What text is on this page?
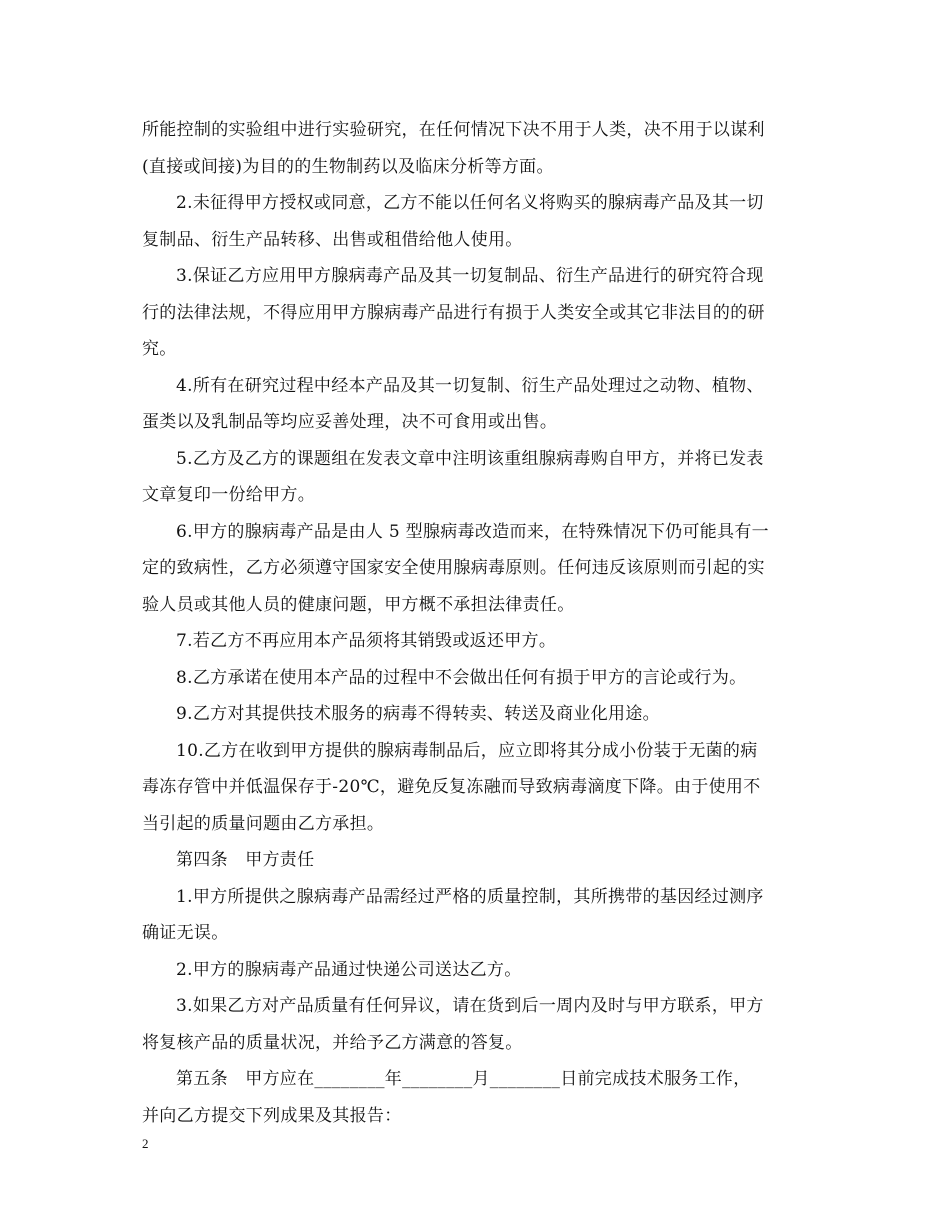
所能控制的实验组中进行实验研究，在任何情况下决不用于人类，决不用于以谋利
(直接或间接)为目的的生物制药以及临床分析等方面。
2.未征得甲方授权或同意，乙方不能以任何名义将购买的腺病毒产品及其一切
复制品、衍生产品转移、出售或租借给他人使用。
3.保证乙方应用甲方腺病毒产品及其一切复制品、衍生产品进行的研究符合现
行的法律法规，不得应用甲方腺病毒产品进行有损于人类安全或其它非法目的的研
究。
4.所有在研究过程中经本产品及其一切复制、衍生产品处理过之动物、植物、
蛋类以及乳制品等均应妥善处理，决不可食用或出售。
5.乙方及乙方的课题组在发表文章中注明该重组腺病毒购自甲方，并将已发表
文章复印一份给甲方。
6.甲方的腺病毒产品是由人 5 型腺病毒改造而来，在特殊情况下仍可能具有一
定的致病性，乙方必须遵守国家安全使用腺病毒原则。任何违反该原则而引起的实
验人员或其他人员的健康问题，甲方概不承担法律责任。
7.若乙方不再应用本产品须将其销毁或返还甲方。
8.乙方承诺在使用本产品的过程中不会做出任何有损于甲方的言论或行为。
9.乙方对其提供技术服务的病毒不得转卖、转送及商业化用途。
10.乙方在收到甲方提供的腺病毒制品后，应立即将其分成小份装于无菌的病
毒冻存管中并低温保存于-20℃，避免反复冻融而导致病毒滴度下降。由于使用不
当引起的质量问题由乙方承担。
第四条　甲方责任
1.甲方所提供之腺病毒产品需经过严格的质量控制，其所携带的基因经过测序
确证无误。
2.甲方的腺病毒产品通过快递公司送达乙方。
3.如果乙方对产品质量有任何异议，请在货到后一周内及时与甲方联系，甲方
将复核产品的质量状况，并给予乙方满意的答复。
第五条　甲方应在________年________月________日前完成技术服务工作，
并向乙方提交下列成果及其报告：
2
